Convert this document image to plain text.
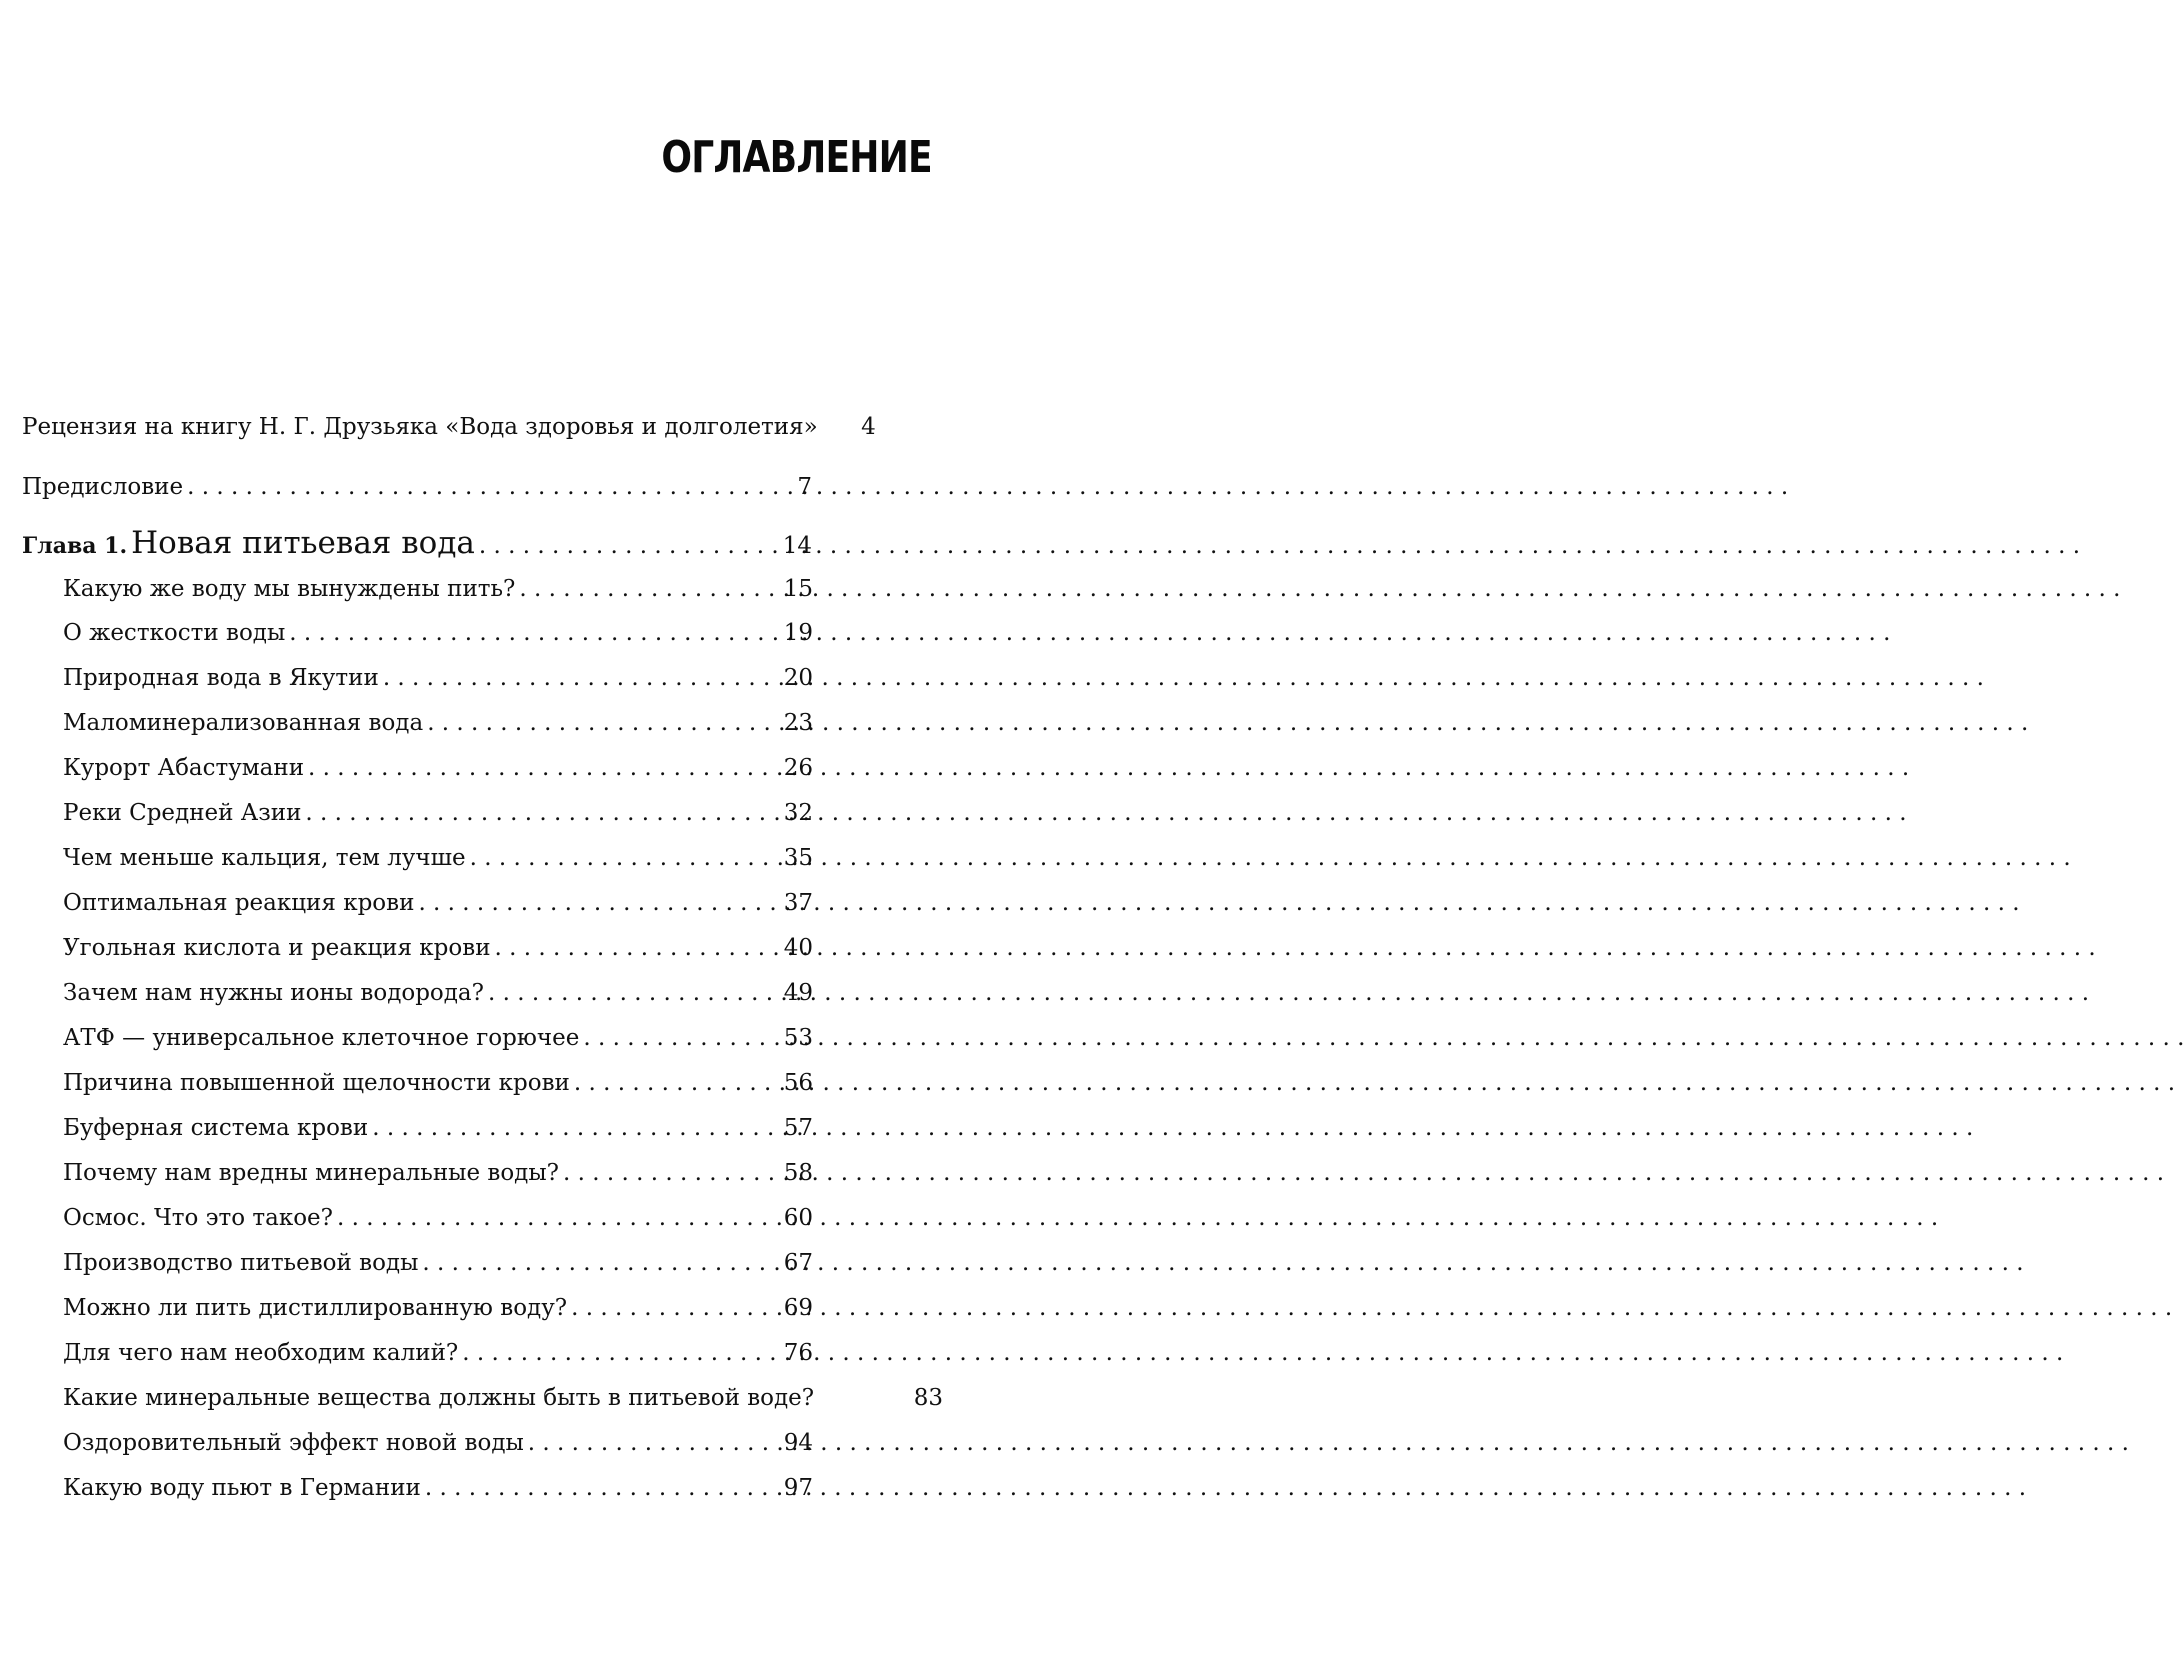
ОГЛАВЛЕНИЕ
Рецензия на книгу Н. Г. Друзьяка «Вода здоровья и долголетия»	4
Предисловие . . .	7
Глава 1. Новая питьевая вода . . .	14
Какую же воду мы вынуждены пить? . . .	15
О жесткости воды . . .	19
Природная вода в Якутии . . .	20
Маломинерализованная вода . . .	23
Курорт Абастумани . . .	26
Реки Средней Азии . . .	32
Чем меньше кальция, тем лучше . . .	35
Оптимальная реакция крови . . .	37
Угольная кислота и реакция крови . . .	40
Зачем нам нужны ионы водорода? . . .	49
АТФ — универсальное клеточное горючее . . .	53
Причина повышенной щелочности крови . . .	56
Буферная система крови . . .	57
Почему нам вредны минеральные воды? . . .	58
Осмос. Что это такое? . . .	60
Производство питьевой воды . . .	67
Можно ли пить дистиллированную воду? . . .	69
Для чего нам необходим калий? . . .	76
Какие минеральные вещества должны быть в питьевой воде?	83
Оздоровительный эффект новой воды . . .	94
Какую воду пьют в Германии . . .	97
